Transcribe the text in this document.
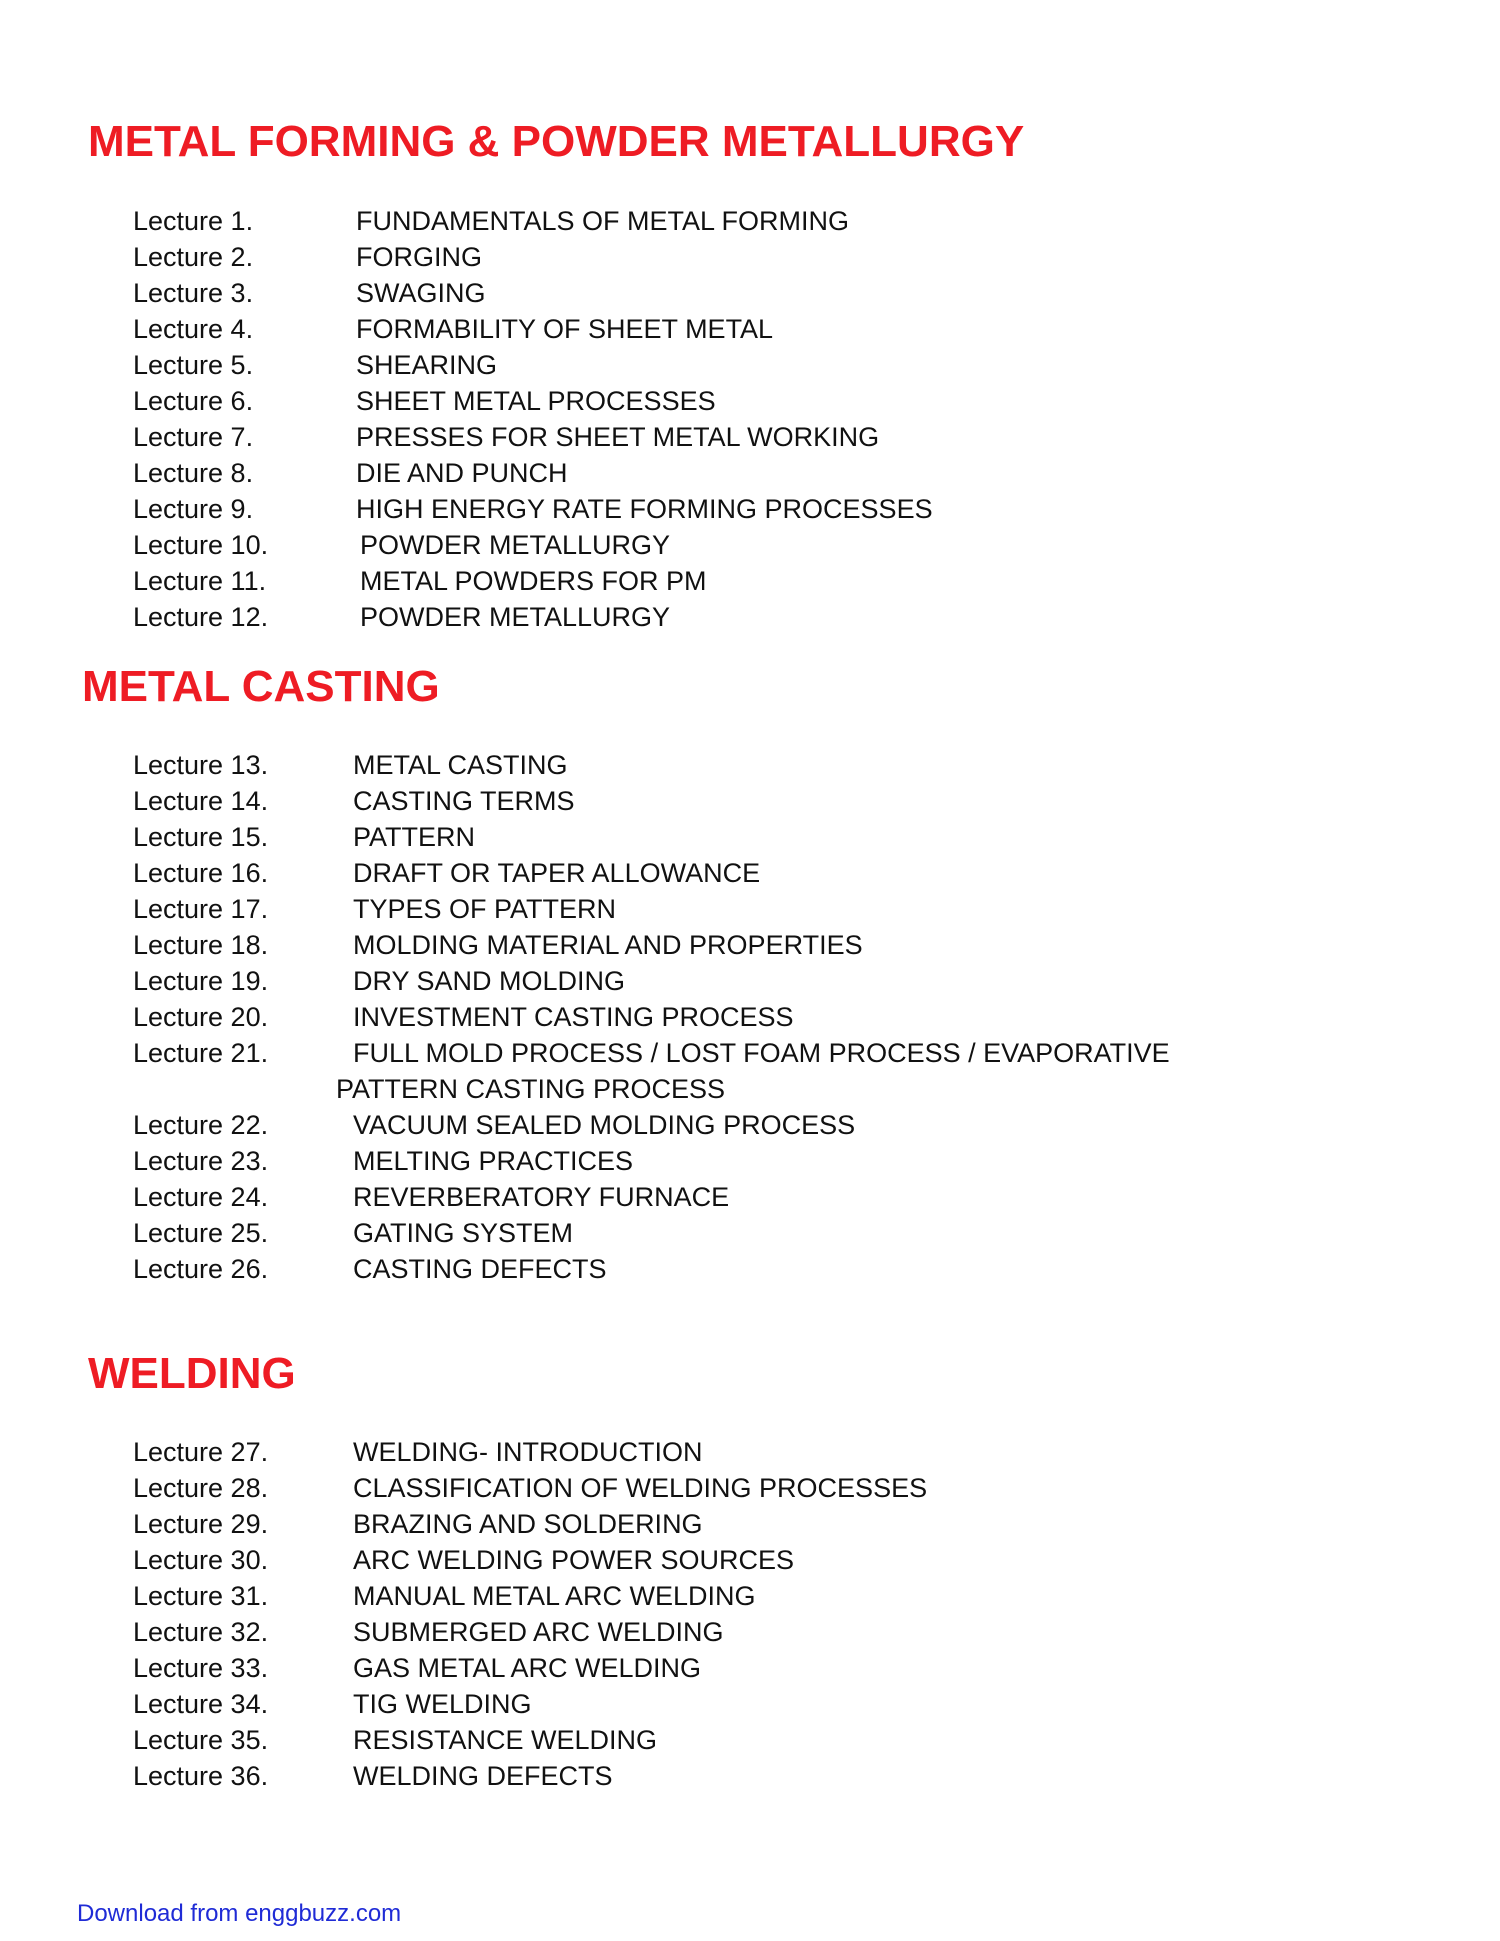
METAL FORMING & POWDER METALLURGY
Lecture 1.	FUNDAMENTALS OF METAL FORMING
Lecture 2.	FORGING
Lecture 3.	SWAGING
Lecture 4.	FORMABILITY OF SHEET METAL
Lecture 5.	SHEARING
Lecture 6.	SHEET METAL PROCESSES
Lecture 7.	PRESSES FOR SHEET METAL WORKING
Lecture 8.	DIE AND PUNCH
Lecture 9.	HIGH ENERGY RATE FORMING PROCESSES
Lecture 10.	POWDER METALLURGY
Lecture 11.	METAL POWDERS FOR PM
Lecture 12.	POWDER METALLURGY
METAL CASTING
Lecture 13.	METAL CASTING
Lecture 14.	CASTING TERMS
Lecture 15.	PATTERN
Lecture 16.	DRAFT OR TAPER ALLOWANCE
Lecture 17.	TYPES OF PATTERN
Lecture 18.	MOLDING MATERIAL AND PROPERTIES
Lecture 19.	DRY SAND MOLDING
Lecture 20.	INVESTMENT CASTING PROCESS
Lecture 21.	FULL MOLD PROCESS / LOST FOAM PROCESS / EVAPORATIVE
PATTERN CASTING PROCESS
Lecture 22.	VACUUM SEALED MOLDING PROCESS
Lecture 23.	MELTING PRACTICES
Lecture 24.	REVERBERATORY FURNACE
Lecture 25.	GATING SYSTEM
Lecture 26.	CASTING DEFECTS
WELDING
Lecture 27.	WELDING- INTRODUCTION
Lecture 28.	CLASSIFICATION OF WELDING PROCESSES
Lecture 29.	BRAZING AND SOLDERING
Lecture 30.	ARC WELDING POWER SOURCES
Lecture 31.	MANUAL METAL ARC WELDING
Lecture 32.	SUBMERGED ARC WELDING
Lecture 33.	GAS METAL ARC WELDING
Lecture 34.	TIG WELDING
Lecture 35.	RESISTANCE WELDING
Lecture 36.	WELDING DEFECTS
Download from enggbuzz.com
